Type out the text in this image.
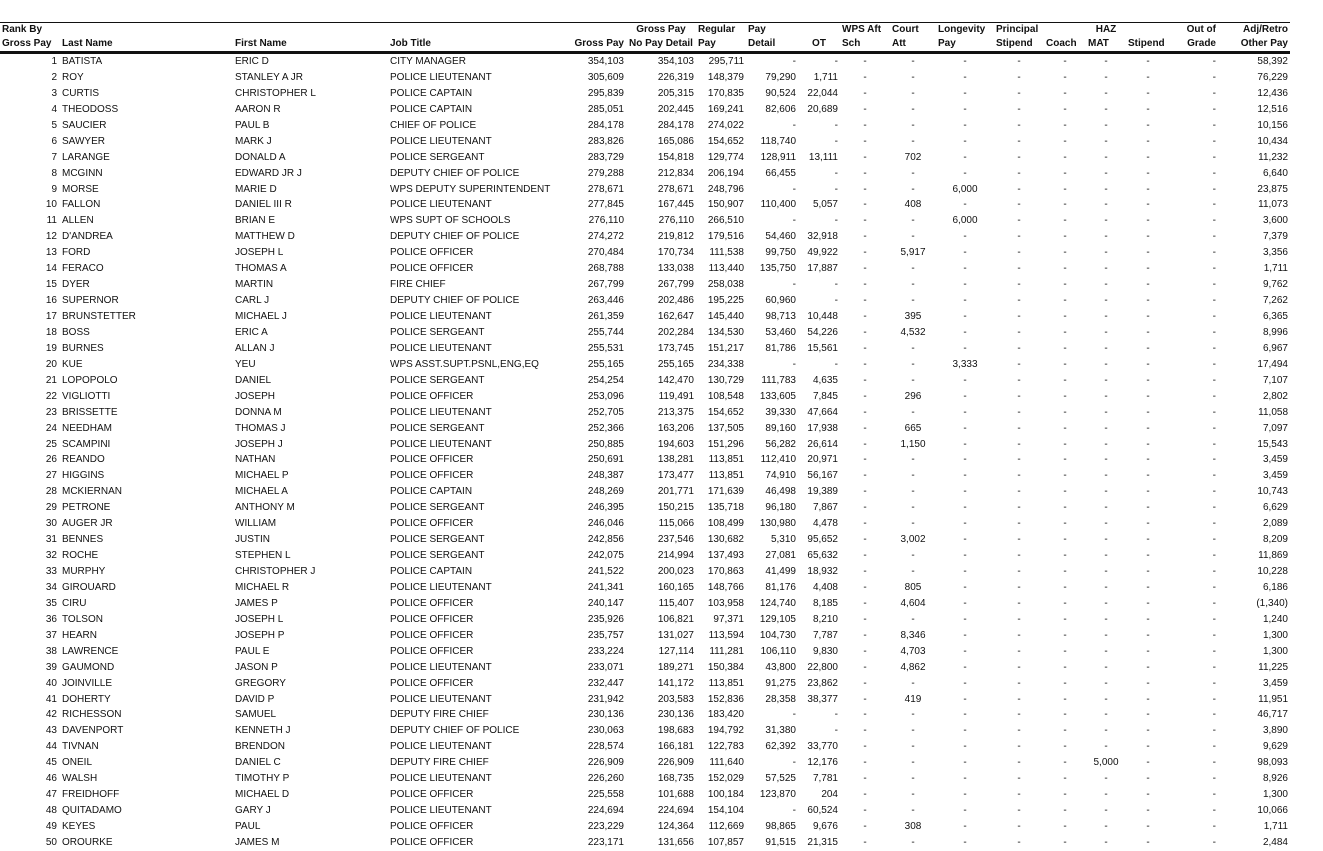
Rank By					Gross Pay	Regular	Pay		WPS Aft	Court	Longevity	Principal		HAZ		Out of	Adj/Retro
Gross Pay	Last Name	First Name	Job Title	Gross Pay	No Pay Detail	Pay	Detail	OT	Sch	Att	Pay	Stipend	Coach	MAT	Stipend	Grade	Other Pay
1	BATISTA	ERIC D	CITY MANAGER	354,103	354,103	295,711	-	-	-	-	-	-	-	-	-	-	58,392
2	ROY	STANLEY A JR	POLICE LIEUTENANT	305,609	226,319	148,379	79,290	1,711	-	-	-	-	-	-	-	-	76,229
3	CURTIS	CHRISTOPHER L	POLICE CAPTAIN	295,839	205,315	170,835	90,524	22,044	-	-	-	-	-	-	-	-	12,436
4	THEODOSS	AARON R	POLICE CAPTAIN	285,051	202,445	169,241	82,606	20,689	-	-	-	-	-	-	-	-	12,516
5	SAUCIER	PAUL B	CHIEF OF POLICE	284,178	284,178	274,022	-	-	-	-	-	-	-	-	-	-	10,156
6	SAWYER	MARK J	POLICE LIEUTENANT	283,826	165,086	154,652	118,740	-	-	-	-	-	-	-	-	-	10,434
7	LARANGE	DONALD A	POLICE SERGEANT	283,729	154,818	129,774	128,911	13,111	-	702	-	-	-	-	-	-	11,232
8	MCGINN	EDWARD JR J	DEPUTY CHIEF OF POLICE	279,288	212,834	206,194	66,455	-	-	-	-	-	-	-	-	-	6,640
9	MORSE	MARIE D	WPS DEPUTY SUPERINTENDENT	278,671	278,671	248,796	-	-	-	-	6,000	-	-	-	-	-	23,875
10	FALLON	DANIEL III R	POLICE LIEUTENANT	277,845	167,445	150,907	110,400	5,057	-	408	-	-	-	-	-	-	11,073
11	ALLEN	BRIAN E	WPS SUPT OF SCHOOLS	276,110	276,110	266,510	-	-	-	-	6,000	-	-	-	-	-	3,600
12	D'ANDREA	MATTHEW D	DEPUTY CHIEF OF POLICE	274,272	219,812	179,516	54,460	32,918	-	-	-	-	-	-	-	-	7,379
13	FORD	JOSEPH L	POLICE OFFICER	270,484	170,734	111,538	99,750	49,922	-	5,917	-	-	-	-	-	-	3,356
14	FERACO	THOMAS A	POLICE OFFICER	268,788	133,038	113,440	135,750	17,887	-	-	-	-	-	-	-	-	1,711
15	DYER	MARTIN	FIRE CHIEF	267,799	267,799	258,038	-	-	-	-	-	-	-	-	-	-	9,762
16	SUPERNOR	CARL J	DEPUTY CHIEF OF POLICE	263,446	202,486	195,225	60,960	-	-	-	-	-	-	-	-	-	7,262
17	BRUNSTETTER	MICHAEL J	POLICE LIEUTENANT	261,359	162,647	145,440	98,713	10,448	-	395	-	-	-	-	-	-	6,365
18	BOSS	ERIC A	POLICE SERGEANT	255,744	202,284	134,530	53,460	54,226	-	4,532	-	-	-	-	-	-	8,996
19	BURNES	ALLAN J	POLICE LIEUTENANT	255,531	173,745	151,217	81,786	15,561	-	-	-	-	-	-	-	-	6,967
20	KUE	YEU	WPS ASST.SUPT.PSNL,ENG,EQ	255,165	255,165	234,338	-	-	-	-	3,333	-	-	-	-	-	17,494
21	LOPOPOLO	DANIEL	POLICE SERGEANT	254,254	142,470	130,729	111,783	4,635	-	-	-	-	-	-	-	-	7,107
22	VIGLIOTTI	JOSEPH	POLICE OFFICER	253,096	119,491	108,548	133,605	7,845	-	296	-	-	-	-	-	-	2,802
23	BRISSETTE	DONNA M	POLICE LIEUTENANT	252,705	213,375	154,652	39,330	47,664	-	-	-	-	-	-	-	-	11,058
24	NEEDHAM	THOMAS J	POLICE SERGEANT	252,366	163,206	137,505	89,160	17,938	-	665	-	-	-	-	-	-	7,097
25	SCAMPINI	JOSEPH J	POLICE LIEUTENANT	250,885	194,603	151,296	56,282	26,614	-	1,150	-	-	-	-	-	-	15,543
26	REANDO	NATHAN	POLICE OFFICER	250,691	138,281	113,851	112,410	20,971	-	-	-	-	-	-	-	-	3,459
27	HIGGINS	MICHAEL P	POLICE OFFICER	248,387	173,477	113,851	74,910	56,167	-	-	-	-	-	-	-	-	3,459
28	MCKIERNAN	MICHAEL A	POLICE CAPTAIN	248,269	201,771	171,639	46,498	19,389	-	-	-	-	-	-	-	-	10,743
29	PETRONE	ANTHONY M	POLICE SERGEANT	246,395	150,215	135,718	96,180	7,867	-	-	-	-	-	-	-	-	6,629
30	AUGER JR	WILLIAM	POLICE OFFICER	246,046	115,066	108,499	130,980	4,478	-	-	-	-	-	-	-	-	2,089
31	BENNES	JUSTIN	POLICE SERGEANT	242,856	237,546	130,682	5,310	95,652	-	3,002	-	-	-	-	-	-	8,209
32	ROCHE	STEPHEN L	POLICE SERGEANT	242,075	214,994	137,493	27,081	65,632	-	-	-	-	-	-	-	-	11,869
33	MURPHY	CHRISTOPHER J	POLICE CAPTAIN	241,522	200,023	170,863	41,499	18,932	-	-	-	-	-	-	-	-	10,228
34	GIROUARD	MICHAEL R	POLICE LIEUTENANT	241,341	160,165	148,766	81,176	4,408	-	805	-	-	-	-	-	-	6,186
35	CIRU	JAMES P	POLICE OFFICER	240,147	115,407	103,958	124,740	8,185	-	4,604	-	-	-	-	-	-	(1,340)
36	TOLSON	JOSEPH L	POLICE OFFICER	235,926	106,821	97,371	129,105	8,210	-	-	-	-	-	-	-	-	1,240
37	HEARN	JOSEPH P	POLICE OFFICER	235,757	131,027	113,594	104,730	7,787	-	8,346	-	-	-	-	-	-	1,300
38	LAWRENCE	PAUL E	POLICE OFFICER	233,224	127,114	111,281	106,110	9,830	-	4,703	-	-	-	-	-	-	1,300
39	GAUMOND	JASON P	POLICE LIEUTENANT	233,071	189,271	150,384	43,800	22,800	-	4,862	-	-	-	-	-	-	11,225
40	JOINVILLE	GREGORY	POLICE OFFICER	232,447	141,172	113,851	91,275	23,862	-	-	-	-	-	-	-	-	3,459
41	DOHERTY	DAVID P	POLICE LIEUTENANT	231,942	203,583	152,836	28,358	38,377	-	419	-	-	-	-	-	-	11,951
42	RICHESSON	SAMUEL	DEPUTY FIRE CHIEF	230,136	230,136	183,420	-	-	-	-	-	-	-	-	-	-	46,717
43	DAVENPORT	KENNETH J	DEPUTY CHIEF OF POLICE	230,063	198,683	194,792	31,380	-	-	-	-	-	-	-	-	-	3,890
44	TIVNAN	BRENDON	POLICE LIEUTENANT	228,574	166,181	122,783	62,392	33,770	-	-	-	-	-	-	-	-	9,629
45	ONEIL	DANIEL C	DEPUTY FIRE CHIEF	226,909	226,909	111,640	-	12,176	-	-	-	-	-	5,000	-	-	98,093
46	WALSH	TIMOTHY P	POLICE LIEUTENANT	226,260	168,735	152,029	57,525	7,781	-	-	-	-	-	-	-	-	8,926
47	FREIDHOFF	MICHAEL D	POLICE OFFICER	225,558	101,688	100,184	123,870	204	-	-	-	-	-	-	-	-	1,300
48	QUITADAMO	GARY J	POLICE LIEUTENANT	224,694	224,694	154,104	-	60,524	-	-	-	-	-	-	-	-	10,066
49	KEYES	PAUL	POLICE OFFICER	223,229	124,364	112,669	98,865	9,676	-	308	-	-	-	-	-	-	1,711
50	OROURKE	JAMES M	POLICE OFFICER	223,171	131,656	107,857	91,515	21,315	-	-	-	-	-	-	-	-	2,484
